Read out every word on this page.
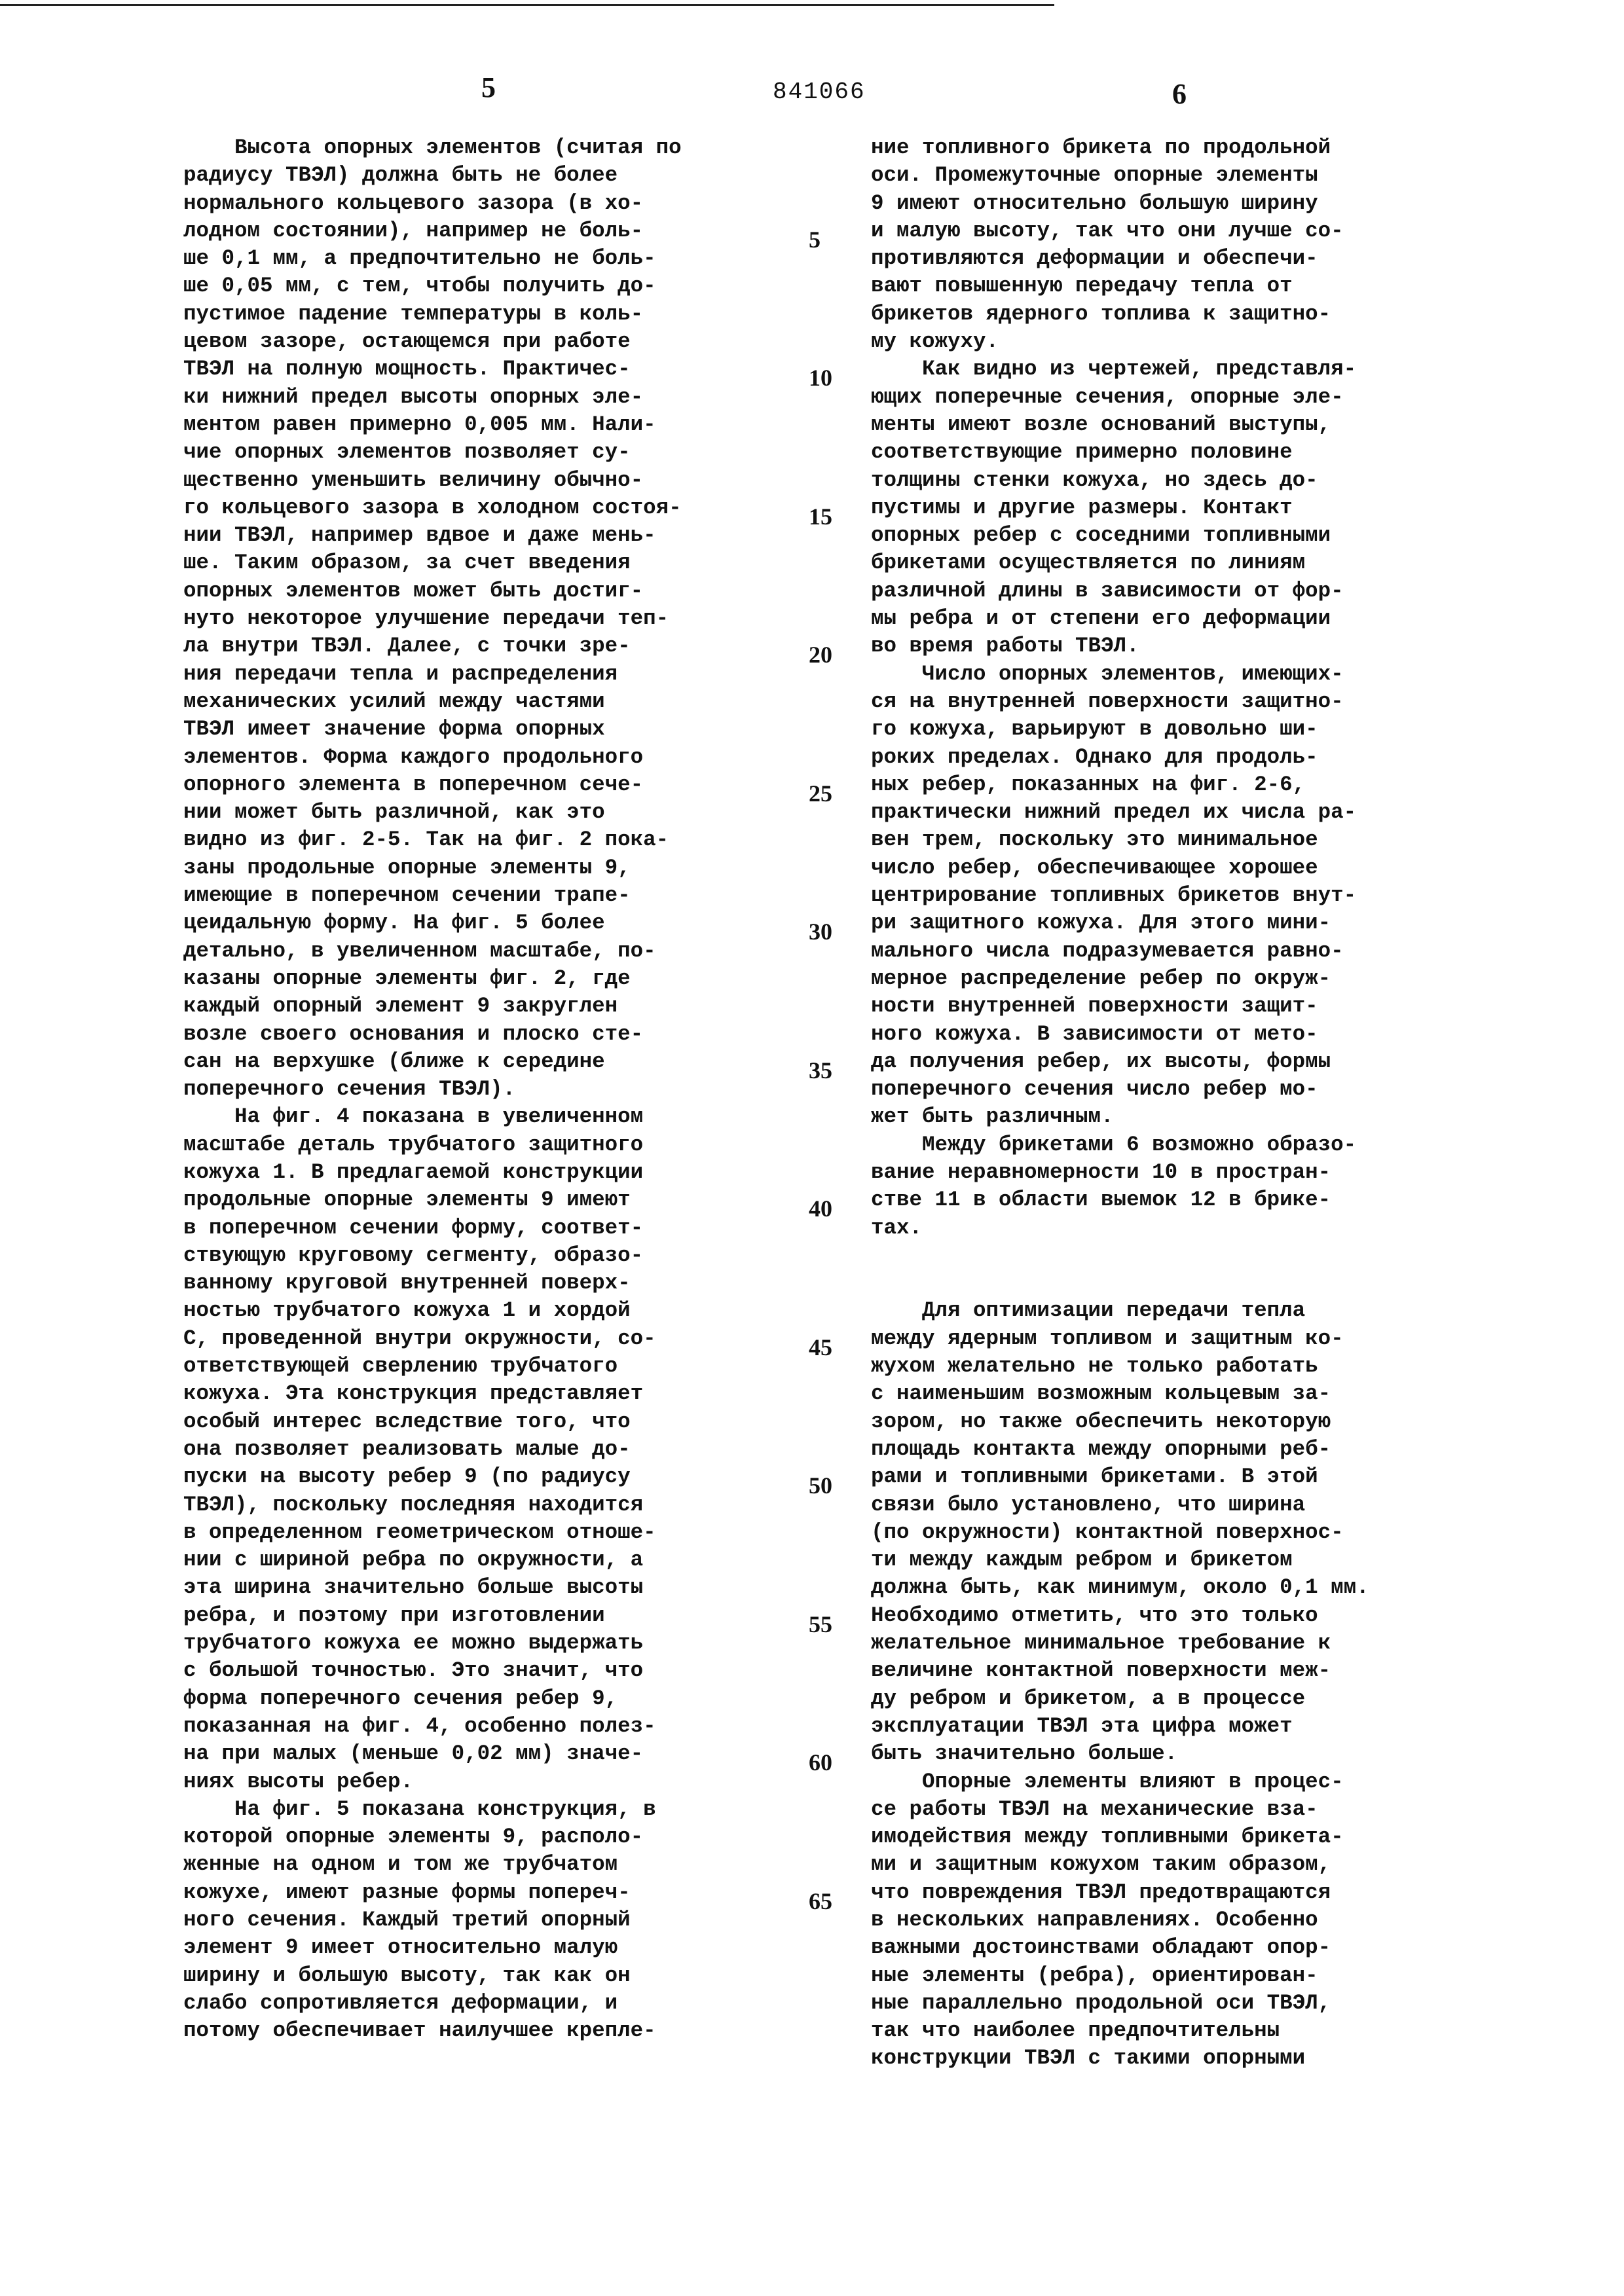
5	841066	6
Высота опорных элементов (считая по
радиусу ТВЭЛ) должна быть не более
нормального кольцевого зазора (в хо-
лодном состоянии), например не боль-
ше 0,1 мм, а предпочтительно не боль-
ше 0,05 мм, с тем, чтобы получить до-
пустимое падение температуры в коль-
цевом зазоре, остающемся при работе
ТВЭЛ на полную мощность. Практичес-
ки нижний предел высоты опорных эле-
ментом равен примерно 0,005 мм. Нали-
чие опорных элементов позволяет су-
щественно уменьшить величину обычно-
го кольцевого зазора в холодном состоя-
нии ТВЭЛ, например вдвое и даже мень-
ше. Таким образом, за счет введения
опорных элементов может быть достиг-
нуто некоторое улучшение передачи теп-
ла внутри ТВЭЛ. Далее, с точки зре-
ния передачи тепла и распределения
механических усилий между частями
ТВЭЛ имеет значение форма опорных
элементов. Форма каждого продольного
опорного элемента в поперечном сече-
нии может быть различной, как это
видно из фиг. 2-5. Так на фиг. 2 пока-
заны продольные опорные элементы 9,
имеющие в поперечном сечении трапе-
цеидальную форму. На фиг. 5 более
детально, в увеличенном масштабе, по-
казаны опорные элементы фиг. 2, где
каждый опорный элемент 9 закруглен
возле своего основания и плоско сте-
сан на верхушке (ближе к середине
поперечного сечения ТВЭЛ).
На фиг. 4 показана в увеличенном
масштабе деталь трубчатого защитного
кожуха 1. В предлагаемой конструкции
продольные опорные элементы 9 имеют
в поперечном сечении форму, соответ-
ствующую круговому сегменту, образо-
ванному круговой внутренней поверх-
ностью трубчатого кожуха 1 и хордой
С, проведенной внутри окружности, со-
ответствующей сверлению трубчатого
кожуха. Эта конструкция представляет
особый интерес вследствие того, что
она позволяет реализовать малые до-
пуски на высоту ребер 9 (по радиусу
ТВЭЛ), поскольку последняя находится
в определенном геометрическом отноше-
нии с шириной ребра по окружности, а
эта ширина значительно больше высоты
ребра, и поэтому при изготовлении
трубчатого кожуха ее можно выдержать
с большой точностью. Это значит, что
форма поперечного сечения ребер 9,
показанная на фиг. 4, особенно полез-
на при малых (меньше 0,02 мм) значе-
ниях высоты ребер.
На фиг. 5 показана конструкция, в
которой опорные элементы 9, располо-
женные на одном и том же трубчатом
кожухе, имеют разные формы попереч-
ного сечения. Каждый третий опорный
элемент 9 имеет относительно малую
ширину и большую высоту, так как он
слабо сопротивляется деформации, и
потому обеспечивает наилучшее крепле-
5
10
15
20
25
30
35
40
45
50
55
60
65
ние топливного брикета по продольной
оси. Промежуточные опорные элементы
9 имеют относительно большую ширину
и малую высоту, так что они лучше со-
противляются деформации и обеспечи-
вают повышенную передачу тепла от
брикетов ядерного топлива к защитно-
му кожуху.
Как видно из чертежей, представля-
ющих поперечные сечения, опорные эле-
менты имеют возле оснований выступы,
соответствующие примерно половине
толщины стенки кожуха, но здесь до-
пустимы и другие размеры. Контакт
опорных ребер с соседними топливными
брикетами осуществляется по линиям
различной длины в зависимости от фор-
мы ребра и от степени его деформации
во время работы ТВЭЛ.
Число опорных элементов, имеющих-
ся на внутренней поверхности защитно-
го кожуха, варьируют в довольно ши-
роких пределах. Однако для продоль-
ных ребер, показанных на фиг. 2-6,
практически нижний предел их числа ра-
вен трем, поскольку это минимальное
число ребер, обеспечивающее хорошее
центрирование топливных брикетов внут-
ри защитного кожуха. Для этого мини-
мального числа подразумевается равно-
мерное распределение ребер по окруж-
ности внутренней поверхности защит-
ного кожуха. В зависимости от мето-
да получения ребер, их высоты, формы
поперечного сечения число ребер мо-
жет быть различным.
Между брикетами 6 возможно образо-
вание неравномерности 10 в простран-
стве 11 в области выемок 12 в брике-
тах.

Для оптимизации передачи тепла
между ядерным топливом и защитным ко-
жухом желательно не только работать
с наименьшим возможным кольцевым за-
зором, но также обеспечить некоторую
площадь контакта между опорными реб-
рами и топливными брикетами. В этой
связи было установлено, что ширина
(по окружности) контактной поверхнос-
ти между каждым ребром и брикетом
должна быть, как минимум, около 0,1 мм.
Необходимо отметить, что это только
желательное минимальное требование к
величине контактной поверхности меж-
ду ребром и брикетом, а в процессе
эксплуатации ТВЭЛ эта цифра может
быть значительно больше.
Опорные элементы влияют в процес-
се работы ТВЭЛ на механические вза-
имодействия между топливными брикета-
ми и защитным кожухом таким образом,
что повреждения ТВЭЛ предотвращаются
в нескольких направлениях. Особенно
важными достоинствами обладают опор-
ные элементы (ребра), ориентирован-
ные параллельно продольной оси ТВЭЛ,
так что наиболее предпочтительны
конструкции ТВЭЛ с такими опорными
